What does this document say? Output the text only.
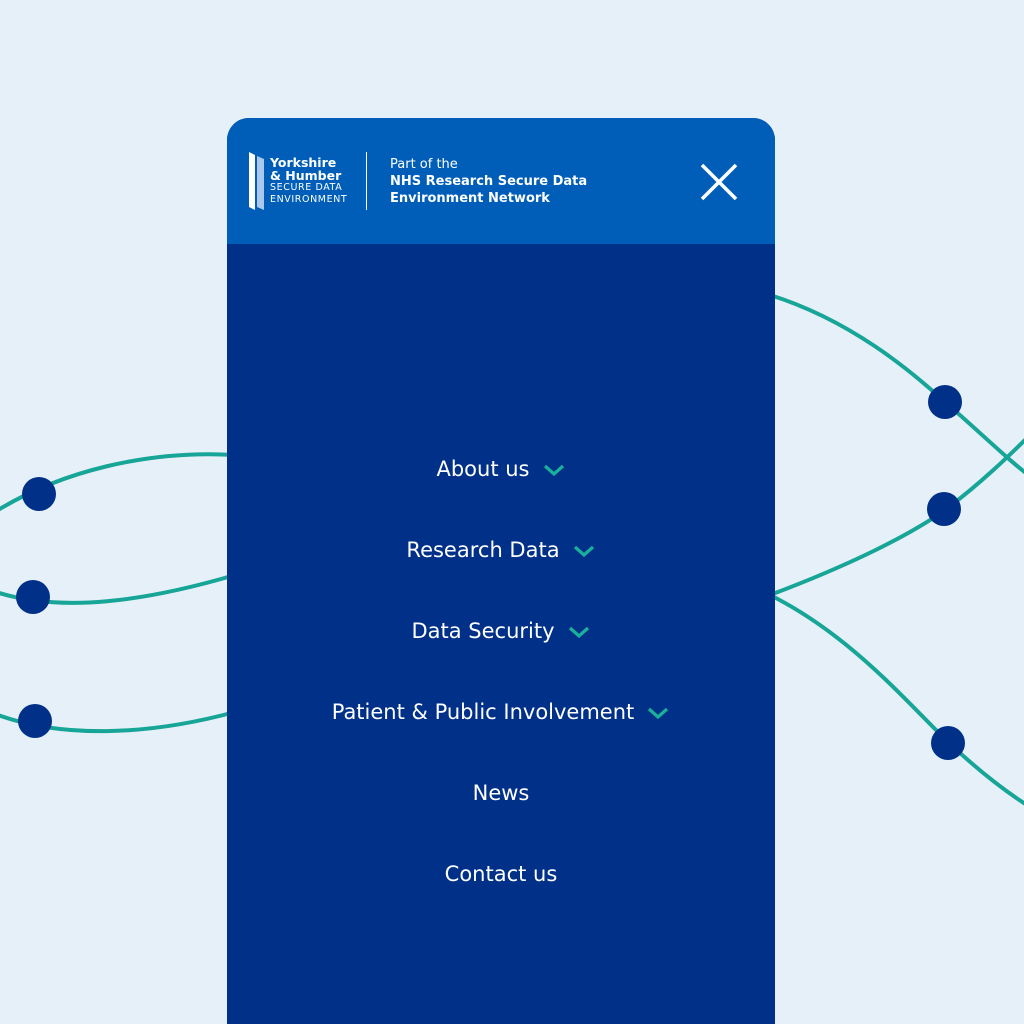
Yorkshire
& Humber
SECURE DATA
ENVIRONMENT
Part of the
NHS Research Secure Data
Environment Network
About us
Research Data
Data Security
Patient & Public Involvement
News
Contact us
